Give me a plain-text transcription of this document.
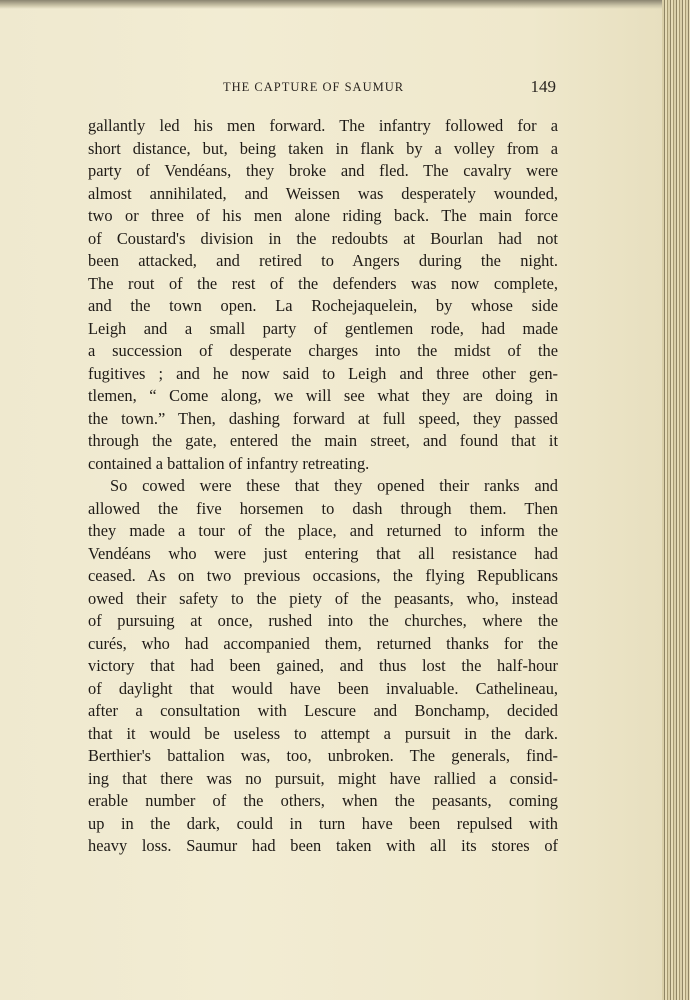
THE CAPTURE OF SAUMUR	149
gallantly led his men forward. The infantry followed for a
short distance, but, being taken in flank by a volley from a
party of Vendéans, they broke and fled. The cavalry were
almost annihilated, and Weissen was desperately wounded,
two or three of his men alone riding back. The main force
of Coustard's division in the redoubts at Bourlan had not
been attacked, and retired to Angers during the night.
The rout of the rest of the defenders was now complete,
and the town open. La Rochejaquelein, by whose side
Leigh and a small party of gentlemen rode, had made
a succession of desperate charges into the midst of the
fugitives ; and he now said to Leigh and three other gen-
tlemen, “ Come along, we will see what they are doing in
the town.” Then, dashing forward at full speed, they passed
through the gate, entered the main street, and found that it
contained a battalion of infantry retreating.
So cowed were these that they opened their ranks and
allowed the five horsemen to dash through them. Then
they made a tour of the place, and returned to inform the
Vendéans who were just entering that all resistance had
ceased. As on two previous occasions, the flying Republicans
owed their safety to the piety of the peasants, who, instead
of pursuing at once, rushed into the churches, where the
curés, who had accompanied them, returned thanks for the
victory that had been gained, and thus lost the half-hour
of daylight that would have been invaluable. Cathelineau,
after a consultation with Lescure and Bonchamp, decided
that it would be useless to attempt a pursuit in the dark.
Berthier's battalion was, too, unbroken. The generals, find-
ing that there was no pursuit, might have rallied a consid-
erable number of the others, when the peasants, coming
up in the dark, could in turn have been repulsed with
heavy loss. Saumur had been taken with all its stores of
